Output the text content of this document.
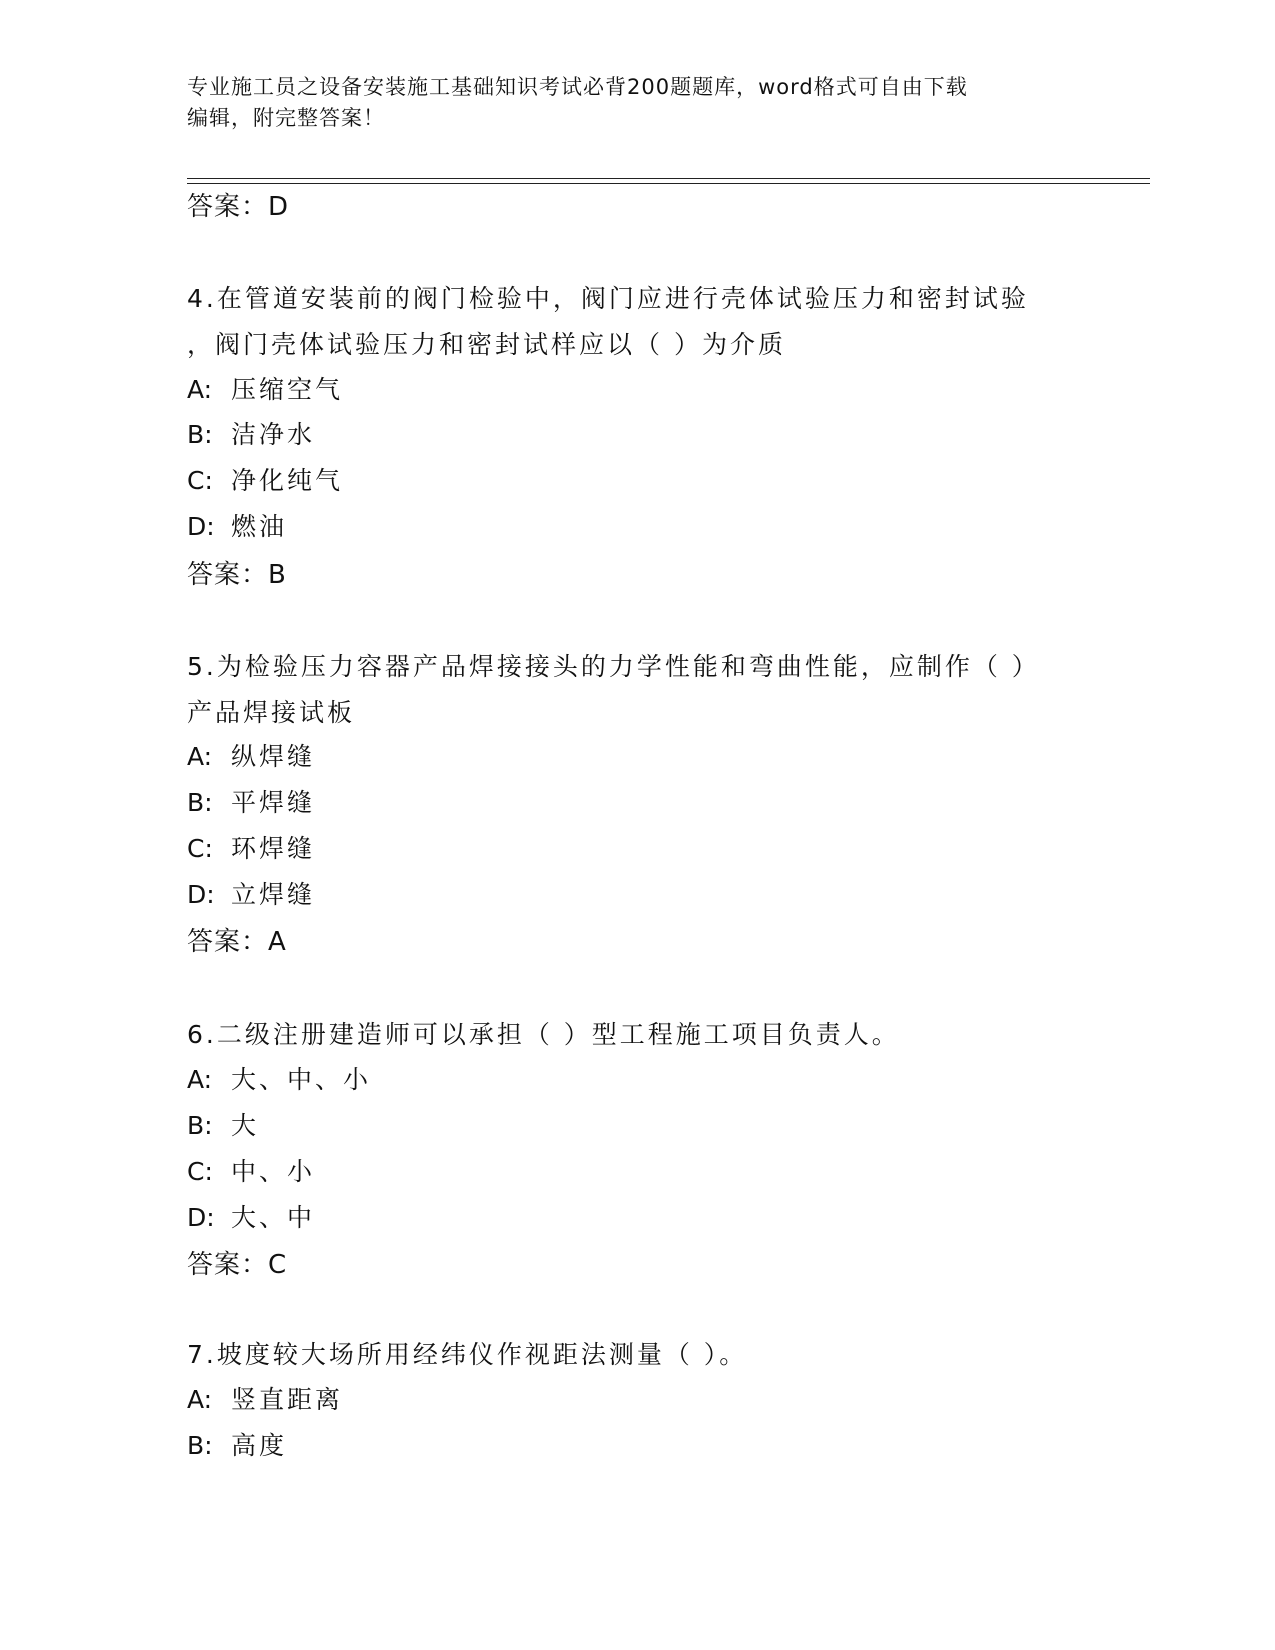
专业施工员之设备安装施工基础知识考试必背200题题库，word格式可自由下载
编辑，附完整答案！
答案：D
4.在管道安装前的阀门检验中，阀门应进行壳体试验压力和密封试验
，阀门壳体试验压力和密封试样应以（ ）为介质
A: 压缩空气
B: 洁净水
C: 净化纯气
D: 燃油
答案：B
5.为检验压力容器产品焊接接头的力学性能和弯曲性能，应制作（ ）
产品焊接试板
A: 纵焊缝
B: 平焊缝
C: 环焊缝
D: 立焊缝
答案：A
6.二级注册建造师可以承担（ ）型工程施工项目负责人。
A: 大、中、小
B: 大
C: 中、小
D: 大、中
答案：C
7.坡度较大场所用经纬仪作视距法测量（ ）。
A: 竖直距离
B: 高度
